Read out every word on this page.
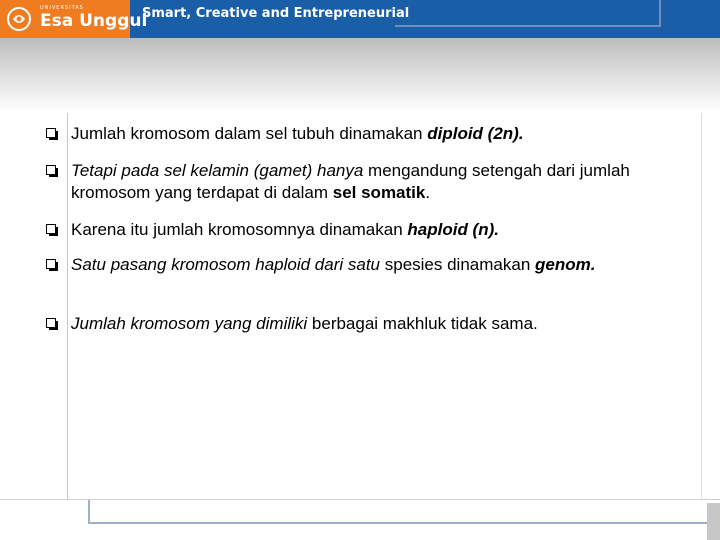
UNIVERSITAS
Esa Unggul
Smart, Creative and Entrepreneurial
Jumlah kromosom dalam sel tubuh dinamakan diploid (2n).
Tetapi pada sel kelamin (gamet) hanya mengandung setengah dari jumlah kromosom yang terdapat di dalam sel somatik.
Karena itu jumlah kromosomnya dinamakan haploid (n).
Satu pasang kromosom haploid dari satu spesies dinamakan genom.
Jumlah kromosom yang dimiliki berbagai makhluk tidak sama.
